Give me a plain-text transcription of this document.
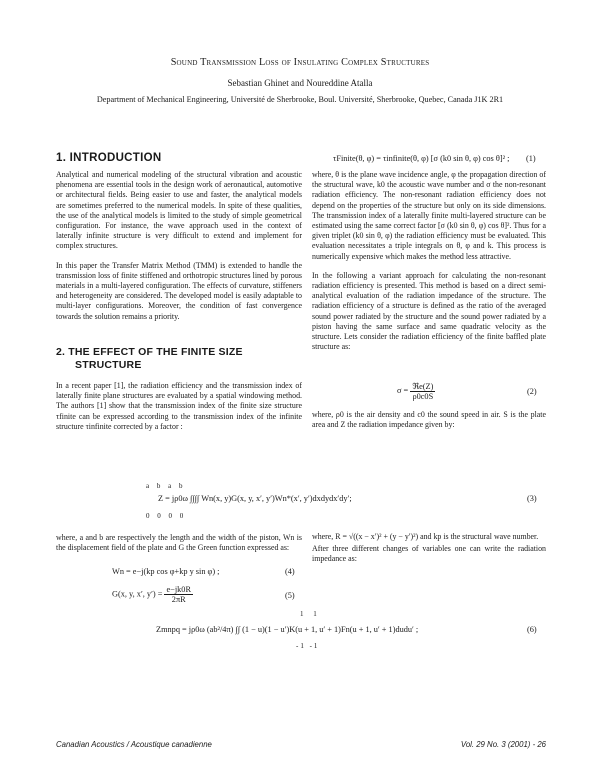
Sound Transmission Loss of Insulating Complex Structures
Sebastian Ghinet and Noureddine Atalla
Department of Mechanical Engineering, Université de Sherbrooke, Boul. Université, Sherbrooke, Quebec, Canada J1K 2R1
1. INTRODUCTION

Analytical and numerical modeling of the structural vibration and acoustic phenomena are essential tools in the design work of aeronautical, automotive or architectural fields. Being easier to use and faster, the analytical models are sometimes preferred to the numerical models. In spite of these qualities, the use of the analytical models is limited to the study of simple geometrical configuration. For instance, the wave approach used in the context of laterally infinite structure is very difficult to extend and implement for complex structures.

In this paper the Transfer Matrix Method (TMM) is extended to handle the transmission loss of finite stiffened and orthotropic structures lined by porous materials in a multi-layered configuration. The effects of curvature, stiffeners and heterogeneity are considered. The developed model is easily adaptable to multi-layer configurations. Moreover, the condition of fast convergence towards the solution remains a priority.

2. THE EFFECT OF THE FINITE SIZE
STRUCTURE

In a recent paper [1], the radiation efficiency and the transmission index of laterally finite plane structures are evaluated by a spatial windowing method. The authors [1] show that the transmission index of the finite size structure τfinite can be expressed according to the transmission index of the infinite structure τinfinite corrected by a factor :

τFinite(θ, φ) = τinfinite(θ, φ) [σ (k0 sin θ, φ) cos θ]² ; (1)

where, θ is the plane wave incidence angle, φ the propagation direction of the structural wave, k0 the acoustic wave number and σ the non-resonant radiation efficiency. The non-resonant radiation efficiency does not depend on the properties of the structure but only on its side dimensions. The transmission index of a laterally finite multi-layered structure can be estimated using the same correct factor [σ (k0 sin θ, φ) cos θ]². Thus for a given triplet (k0 sin θ, φ) the radiation efficiency must be evaluated. This evaluation necessitates a triple integrals on θ, φ and k. This process is numerically expensive which makes the method less attractive.

In the following a variant approach for calculating the non-resonant radiation efficiency is presented. This method is based on a direct semi-analytical evaluation of the radiation impedance of the structure. The radiation efficiency of a structure is defined as the ratio of the averaged sound power radiated by the structure and the sound power radiated by a piston having the same surface and same quadratic velocity as the structure. Lets consider the radiation efficiency of the finite baffled plate structure as:

$\sigma = \frac{\text{ℜe(Z)}}{\rho 0c0S}$	(2)

where, ρ0 is the air density and c0 the sound speed in air. S is the plate area and Z the radiation impedance given by:

a b a b
Z = jρ0ω ∫∫∫∫ Wn(x, y)G(x, y, x′, y′)Wn*(x′, y′)dxdydx′dy′;
0 0 0 0
(3)

where, a and b are respectively the length and the width of the piston, Wn is the displacement field of the plate and G the Green function expressed as:

Wn = e−j(kp cos φ+kp y sin φ) ;	(4)
G(x, y, x′, $y') = \frac{e-jk0R}{2\pi R}$	(5)

where, R = √((x − x′)² + (y − y′)²) and kp is the structural wave number.

After three different changes of variables one can write the radiation impedance as:

1 1
Zmnpq = jρ0ω (ab²/4π) ∫∫ (1 − u)(1 − u′)K(u + 1, u′ + 1)Fn(u + 1, u′ + 1)dudu′ ;
-1 -1
(6)
Canadian Acoustics / Acoustique canadienne	Vol. 29 No. 3 (2001) - 26
